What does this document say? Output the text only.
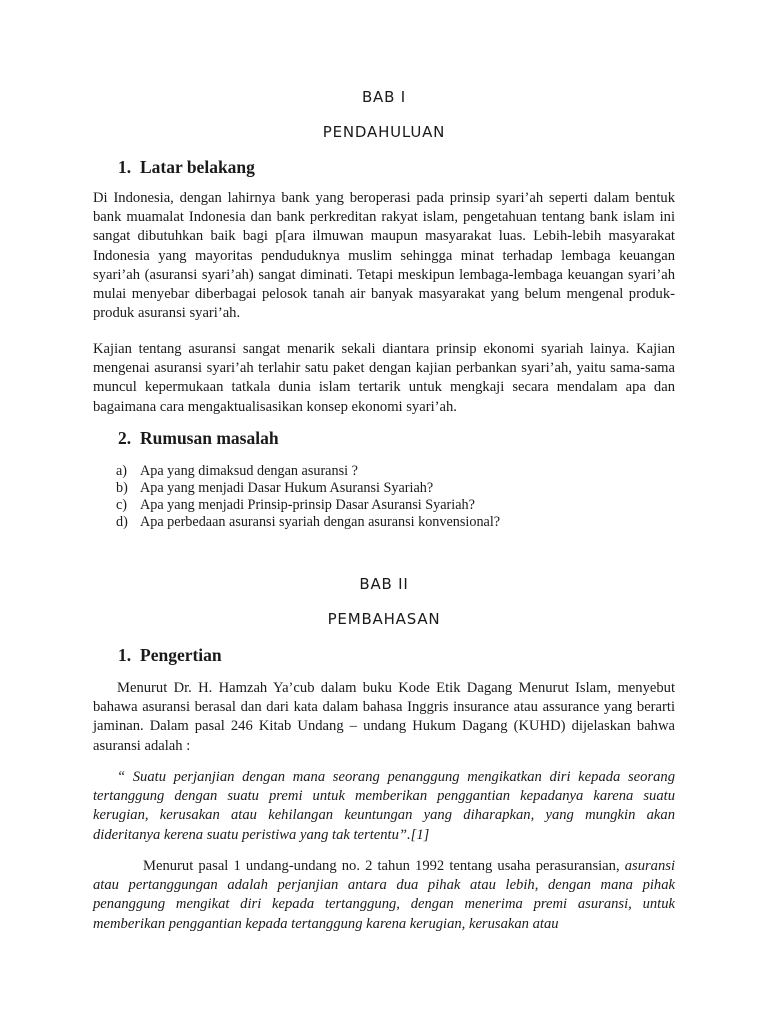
BAB I
PENDAHULUAN
1. Latar belakang

Di Indonesia, dengan lahirnya bank yang beroperasi pada prinsip syari’ah seperti dalam bentuk bank muamalat Indonesia dan bank perkreditan rakyat islam, pengetahuan tentang bank islam ini sangat dibutuhkan baik bagi p[ara ilmuwan maupun masyarakat luas. Lebih-lebih masyarakat Indonesia yang mayoritas penduduknya muslim sehingga minat terhadap lembaga keuangan syari’ah (asuransi syari’ah) sangat diminati. Tetapi meskipun lembaga-lembaga keuangan syari’ah mulai menyebar diberbagai pelosok tanah air banyak masyarakat yang belum mengenal produk-produk asuransi syari’ah.

Kajian tentang asuransi sangat menarik sekali diantara prinsip ekonomi syariah lainya. Kajian mengenai asuransi syari’ah terlahir satu paket dengan kajian perbankan syari’ah, yaitu sama-sama muncul kepermukaan tatkala dunia islam tertarik untuk mengkaji secara mendalam apa dan bagaimana cara mengaktualisasikan konsep ekonomi syari’ah.

2. Rumusan masalah
a) Apa yang dimaksud dengan asuransi ?
b) Apa yang menjadi Dasar Hukum Asuransi Syariah?
c) Apa yang menjadi Prinsip-prinsip Dasar Asuransi Syariah?
d) Apa perbedaan asuransi syariah dengan asuransi konvensional?
BAB II
PEMBAHASAN
1. Pengertian

Menurut Dr. H. Hamzah Ya’cub dalam buku Kode Etik Dagang Menurut Islam, menyebut bahawa asuransi berasal dan dari kata dalam bahasa Inggris insurance atau assurance yang berarti jaminan. Dalam pasal 246 Kitab Undang – undang Hukum Dagang (KUHD) dijelaskan bahwa asuransi adalah :

“ Suatu perjanjian dengan mana seorang penanggung mengikatkan diri kepada seorang tertanggung dengan suatu premi untuk memberikan penggantian kepadanya karena suatu kerugian, kerusakan atau kehilangan keuntungan yang diharapkan, yang mungkin akan dideritanya kerena suatu peristiwa yang tak tertentu”.[1]

Menurut pasal 1 undang-undang no. 2 tahun 1992 tentang usaha perasuransian, asuransi atau pertanggungan adalah perjanjian antara dua pihak atau lebih, dengan mana pihak penanggung mengikat diri kepada tertanggung, dengan menerima premi asuransi, untuk memberikan penggantian kepada tertanggung karena kerugian, kerusakan atau
